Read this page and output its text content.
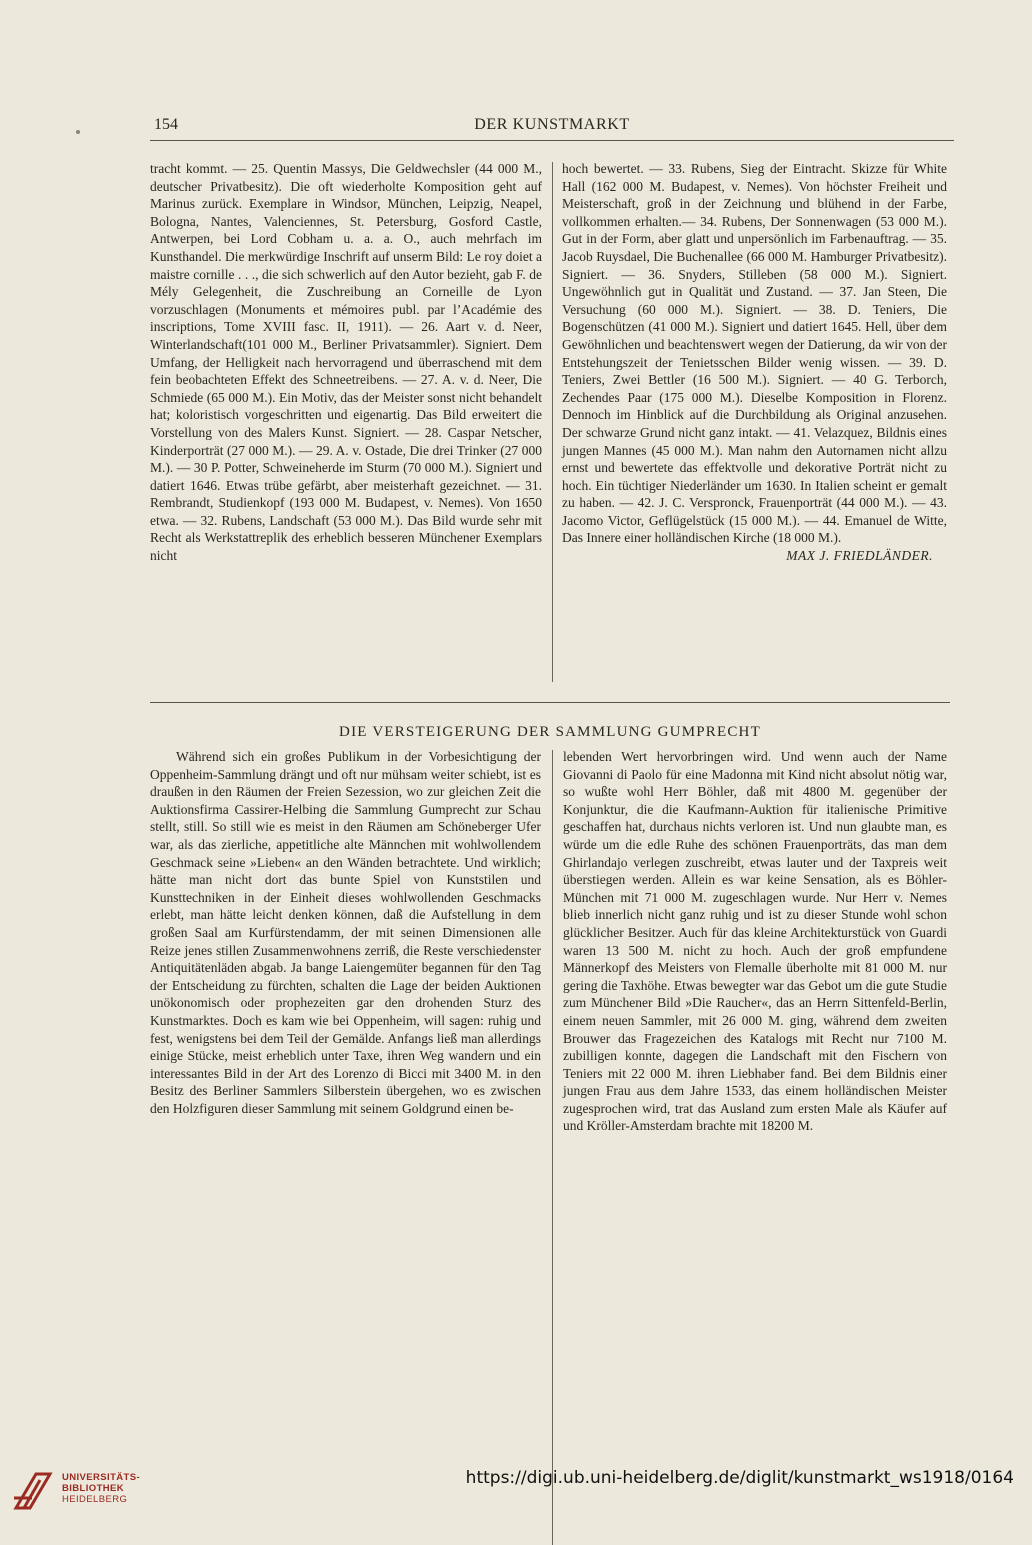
154	DER KUNSTMARKT

tracht kommt. — 25. Quentin Massys, Die Geldwechsler (44 000 M., deutscher Privatbesitz). Die oft wiederholte Komposition geht auf Marinus zurück. Exemplare in Windsor, München, Leipzig, Neapel, Bologna, Nantes, Valenciennes, St. Petersburg, Gosford Castle, Antwerpen, bei Lord Cobham u. a. a. O., auch mehrfach im Kunsthandel. Die merkwürdige Inschrift auf unserm Bild: Le roy doiet a maistre cornille . . ., die sich schwerlich auf den Autor bezieht, gab F. de Mély Gelegenheit, die Zuschreibung an Corneille de Lyon vorzuschlagen (Monuments et mémoires publ. par l’Académie des inscriptions, Tome XVIII fasc. II, 1911). — 26. Aart v. d. Neer, Winterlandschaft(101 000 M., Berliner Privatsammler). Signiert. Dem Umfang, der Helligkeit nach hervorragend und überraschend mit dem fein beobachteten Effekt des Schneetreibens. — 27. A. v. d. Neer, Die Schmiede (65 000 M.). Ein Motiv, das der Meister sonst nicht behandelt hat; koloristisch vorgeschritten und eigenartig. Das Bild erweitert die Vorstellung von des Malers Kunst. Signiert. — 28. Caspar Netscher, Kinderporträt (27 000 M.). — 29. A. v. Ostade, Die drei Trinker (27 000 M.). — 30 P. Potter, Schweineherde im Sturm (70 000 M.). Signiert und datiert 1646. Etwas trübe gefärbt, aber meisterhaft gezeichnet. — 31. Rembrandt, Studienkopf (193 000 M. Budapest, v. Nemes). Von 1650 etwa. — 32. Rubens, Landschaft (53 000 M.). Das Bild wurde sehr mit Recht als Werkstattreplik des erheblich besseren Münchener Exemplars nicht

hoch bewertet. — 33. Rubens, Sieg der Eintracht. Skizze für White Hall (162 000 M. Budapest, v. Nemes). Von höchster Freiheit und Meisterschaft, groß in der Zeichnung und blühend in der Farbe, vollkommen erhalten.— 34. Rubens, Der Sonnenwagen (53 000 M.). Gut in der Form, aber glatt und unpersönlich im Farbenauftrag. — 35. Jacob Ruysdael, Die Buchenallee (66 000 M. Hamburger Privatbesitz). Signiert. — 36. Snyders, Stilleben (58 000 M.). Signiert. Ungewöhnlich gut in Qualität und Zustand. — 37. Jan Steen, Die Versuchung (60 000 M.). Signiert. — 38. D. Teniers, Die Bogenschützen (41 000 M.). Signiert und datiert 1645. Hell, über dem Gewöhnlichen und beachtenswert wegen der Datierung, da wir von der Entstehungszeit der Tenietsschen Bilder wenig wissen. — 39. D. Teniers, Zwei Bettler (16 500 M.). Signiert. — 40 G. Terborch, Zechendes Paar (175 000 M.). Dieselbe Komposition in Florenz. Dennoch im Hinblick auf die Durchbildung als Original anzusehen. Der schwarze Grund nicht ganz intakt. — 41. Velazquez, Bildnis eines jungen Mannes (45 000 M.). Man nahm den Autornamen nicht allzu ernst und bewertete das effektvolle und dekorative Porträt nicht zu hoch. Ein tüchtiger Niederländer um 1630. In Italien scheint er gemalt zu haben. — 42. J. C. Verspronck, Frauenporträt (44 000 M.). — 43. Jacomo Victor, Geflügelstück (15 000 M.). — 44. Emanuel de Witte, Das Innere einer holländischen Kirche (18 000 M.).

MAX J. FRIEDLÄNDER.

DIE VERSTEIGERUNG DER SAMMLUNG GUMPRECHT

Während sich ein großes Publikum in der Vorbesichtigung der Oppenheim-Sammlung drängt und oft nur mühsam weiter schiebt, ist es draußen in den Räumen der Freien Sezession, wo zur gleichen Zeit die Auktionsfirma Cassirer-Helbing die Sammlung Gumprecht zur Schau stellt, still. So still wie es meist in den Räumen am Schöneberger Ufer war, als das zierliche, appetitliche alte Männchen mit wohlwollendem Geschmack seine »Lieben« an den Wänden betrachtete. Und wirklich; hätte man nicht dort das bunte Spiel von Kunststilen und Kunsttechniken in der Einheit dieses wohlwollenden Geschmacks erlebt, man hätte leicht denken können, daß die Aufstellung in dem großen Saal am Kurfürstendamm, der mit seinen Dimensionen alle Reize jenes stillen Zusammenwohnens zerriß, die Reste verschiedenster Antiquitätenläden abgab. Ja bange Laiengemüter begannen für den Tag der Entscheidung zu fürchten, schalten die Lage der beiden Auktionen unökonomisch oder prophezeiten gar den drohenden Sturz des Kunstmarktes. Doch es kam wie bei Oppenheim, will sagen: ruhig und fest, wenigstens bei dem Teil der Gemälde. Anfangs ließ man allerdings einige Stücke, meist erheblich unter Taxe, ihren Weg wandern und ein interessantes Bild in der Art des Lorenzo di Bicci mit 3400 M. in den Besitz des Berliner Sammlers Silberstein übergehen, wo es zwischen den Holzfiguren dieser Sammlung mit seinem Goldgrund einen be-

lebenden Wert hervorbringen wird. Und wenn auch der Name Giovanni di Paolo für eine Madonna mit Kind nicht absolut nötig war, so wußte wohl Herr Böhler, daß mit 4800 M. gegenüber der Konjunktur, die die Kaufmann-Auktion für italienische Primitive geschaffen hat, durchaus nichts verloren ist. Und nun glaubte man, es würde um die edle Ruhe des schönen Frauenporträts, das man dem Ghirlandajo verlegen zuschreibt, etwas lauter und der Taxpreis weit überstiegen werden. Allein es war keine Sensation, als es Böhler-München mit 71 000 M. zugeschlagen wurde. Nur Herr v. Nemes blieb innerlich nicht ganz ruhig und ist zu dieser Stunde wohl schon glücklicher Besitzer. Auch für das kleine Architekturstück von Guardi waren 13 500 M. nicht zu hoch. Auch der groß empfundene Männerkopf des Meisters von Flemalle überholte mit 81 000 M. nur gering die Taxhöhe. Etwas bewegter war das Gebot um die gute Studie zum Münchener Bild »Die Raucher«, das an Herrn Sittenfeld-Berlin, einem neuen Sammler, mit 26 000 M. ging, während dem zweiten Brouwer das Fragezeichen des Katalogs mit Recht nur 7100 M. zubilligen konnte, dagegen die Landschaft mit den Fischern von Teniers mit 22 000 M. ihren Liebhaber fand. Bei dem Bildnis einer jungen Frau aus dem Jahre 1533, das einem holländischen Meister zugesprochen wird, trat das Ausland zum ersten Male als Käufer auf und Kröller-Amsterdam brachte mit 18200 M.

UNIVERSITÄTS-
BIBLIOTHEK
HEIDELBERG
https://digi.ub.uni-heidelberg.de/diglit/kunstmarkt_ws1918/0164
